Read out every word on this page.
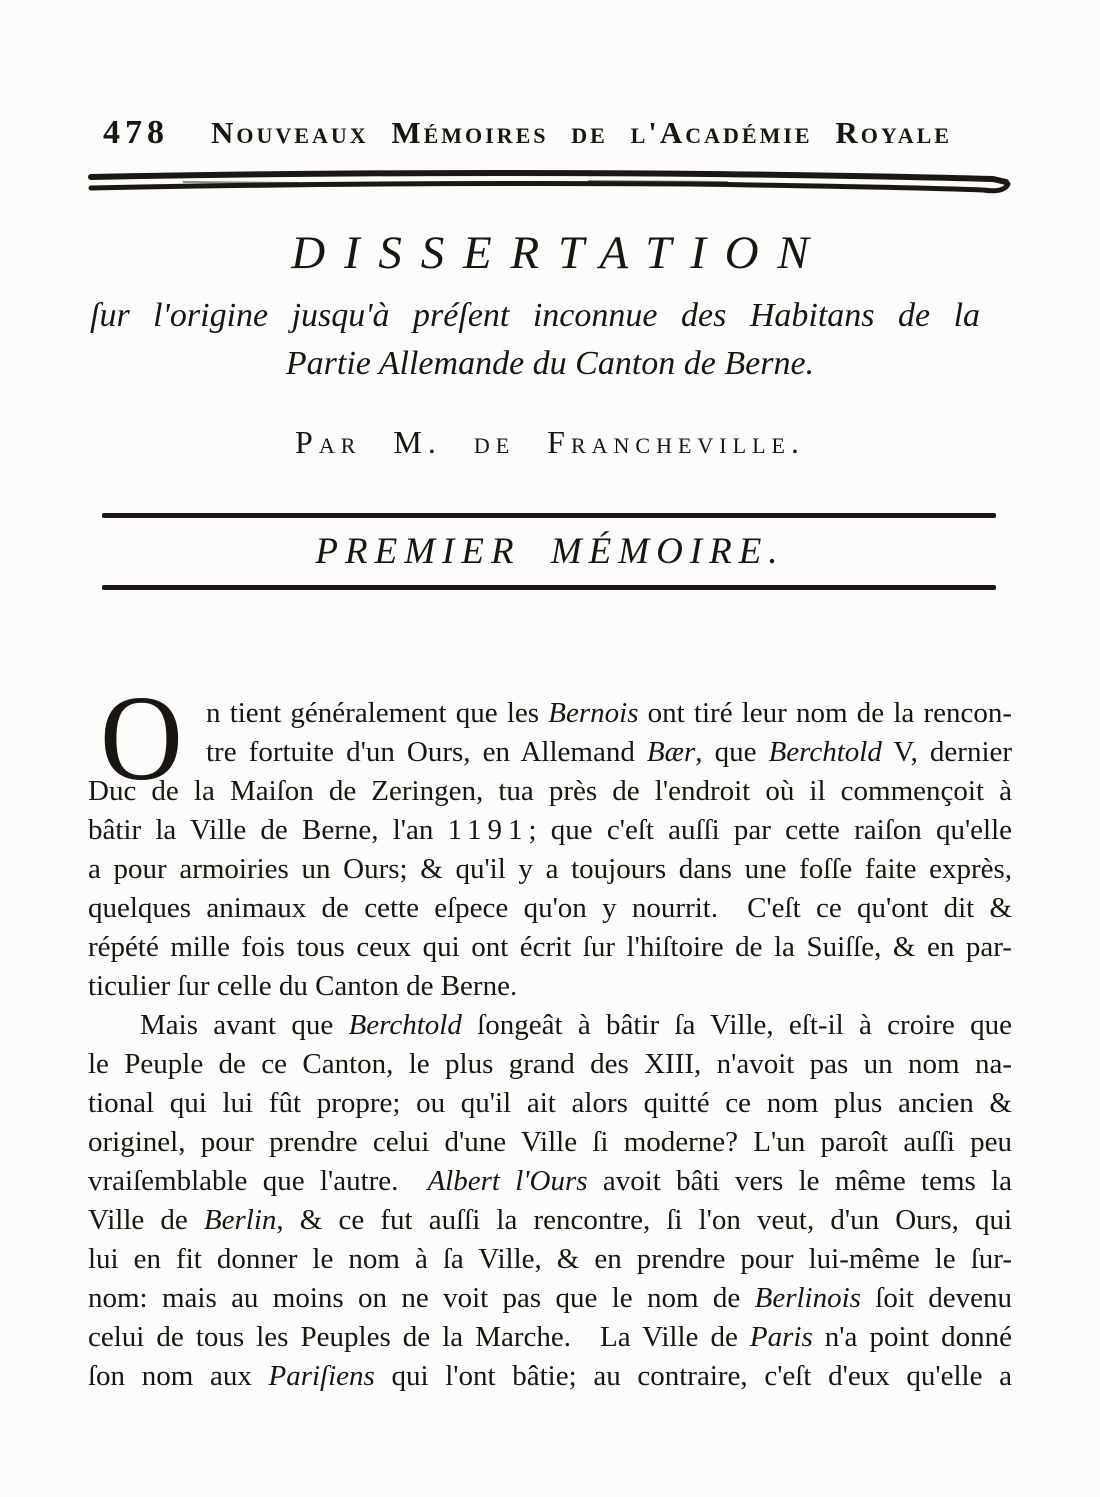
478 Nouveaux Mémoires de l'Académie Royale
DISSERTATION
ſur l'origine jusqu'à préſent inconnue des Habitans de la
Partie Allemande du Canton de Berne.
Par M. de Francheville.
PREMIER MÉMOIRE.
O n tient généralement que les Bernois ont tiré leur nom de la rencon-
tre fortuite d'un Ours, en Allemand Bær, que Berchtold V, dernier
Duc de la Maiſon de Zeringen, tua près de l'endroit où il commençoit à
bâtir la Ville de Berne, l'an 1191; que c'eſt auſſi par cette raiſon qu'elle
a pour armoiries un Ours; & qu'il y a toujours dans une foſſe faite exprès,
quelques animaux de cette eſpece qu'on y nourrit. C'eſt ce qu'ont dit &
répété mille fois tous ceux qui ont écrit ſur l'hiſtoire de la Suiſſe, & en par-
ticulier ſur celle du Canton de Berne.
Mais avant que Berchtold ſongeât à bâtir ſa Ville, eſt-il à croire que
le Peuple de ce Canton, le plus grand des XIII, n'avoit pas un nom na-
tional qui lui fût propre; ou qu'il ait alors quitté ce nom plus ancien &
originel, pour prendre celui d'une Ville ſi moderne? L'un paroît auſſi peu
vraiſemblable que l'autre. Albert l'Ours avoit bâti vers le même tems la
Ville de Berlin, & ce fut auſſi la rencontre, ſi l'on veut, d'un Ours, qui
lui en fit donner le nom à ſa Ville, & en prendre pour lui-même le ſur-
nom: mais au moins on ne voit pas que le nom de Berlinois ſoit devenu
celui de tous les Peuples de la Marche. La Ville de Paris n'a point donné
ſon nom aux Pariſiens qui l'ont bâtie; au contraire, c'eſt d'eux qu'elle a
